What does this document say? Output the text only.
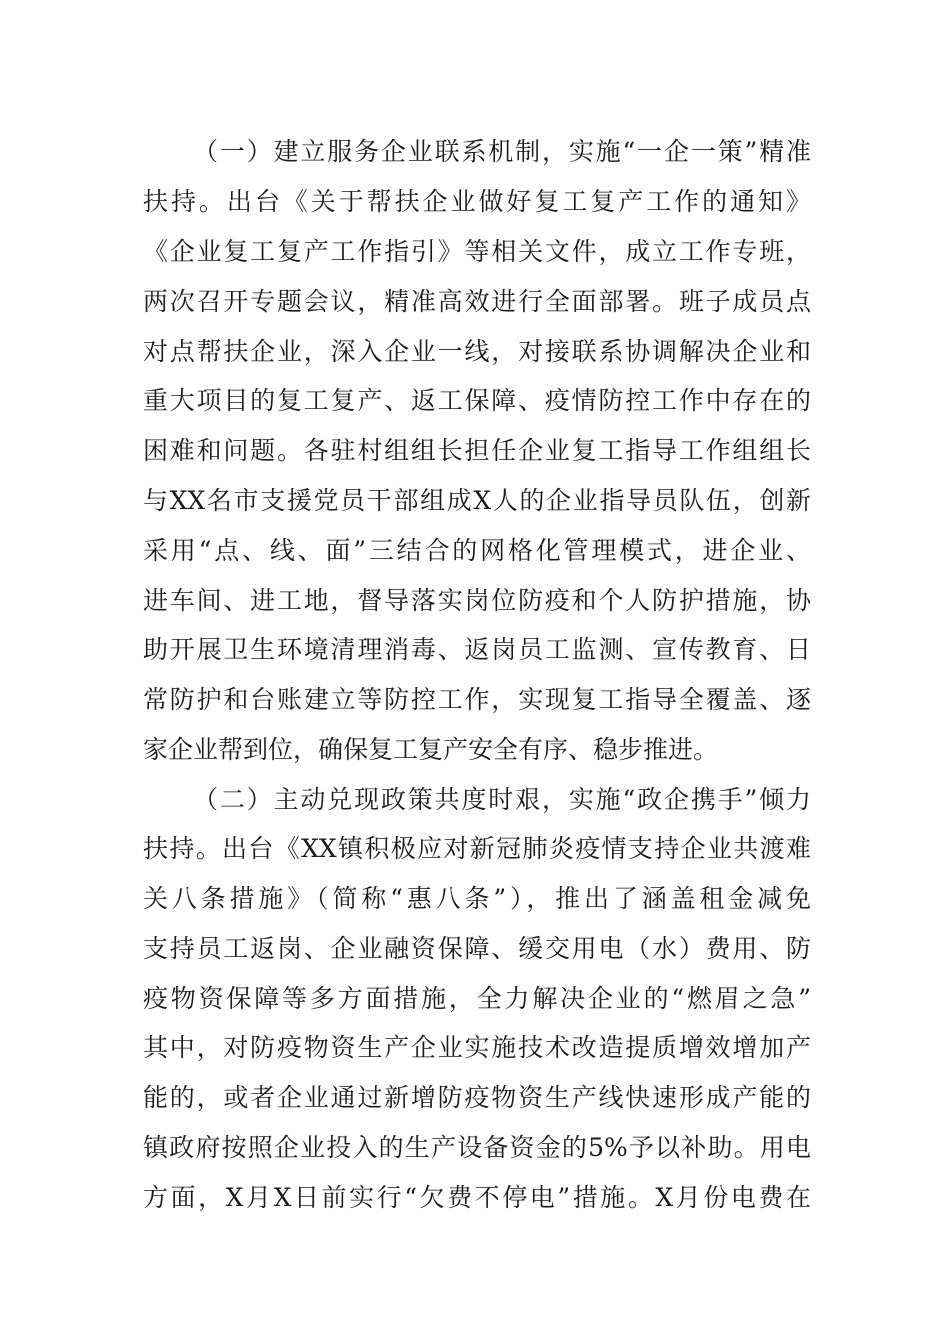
（一）建立服务企业联系机制，实施“一企一策”精准
扶持。出台《关于帮扶企业做好复工复产工作的通知》
《企业复工复产工作指引》等相关文件，成立工作专班，
两次召开专题会议，精准高效进行全面部署。班子成员点
对点帮扶企业，深入企业一线，对接联系协调解决企业和
重大项目的复工复产、返工保障、疫情防控工作中存在的
困难和问题。各驻村组组长担任企业复工指导工作组组长
与XX名市支援党员干部组成X人的企业指导员队伍，创新
采用“点、线、面”三结合的网格化管理模式，进企业、
进车间、进工地，督导落实岗位防疫和个人防护措施，协
助开展卫生环境清理消毒、返岗员工监测、宣传教育、日
常防护和台账建立等防控工作，实现复工指导全覆盖、逐
家企业帮到位，确保复工复产安全有序、稳步推进。
（二）主动兑现政策共度时艰，实施“政企携手”倾力
扶持。出台《XX镇积极应对新冠肺炎疫情支持企业共渡难
关八条措施》（简称“惠八条”），推出了涵盖租金减免
支持员工返岗、企业融资保障、缓交用电（水）费用、防
疫物资保障等多方面措施，全力解决企业的“燃眉之急”
其中，对防疫物资生产企业实施技术改造提质增效增加产
能的，或者企业通过新增防疫物资生产线快速形成产能的
镇政府按照企业投入的生产设备资金的5%予以补助。用电
方面，X月X日前实行“欠费不停电”措施。X月份电费在
